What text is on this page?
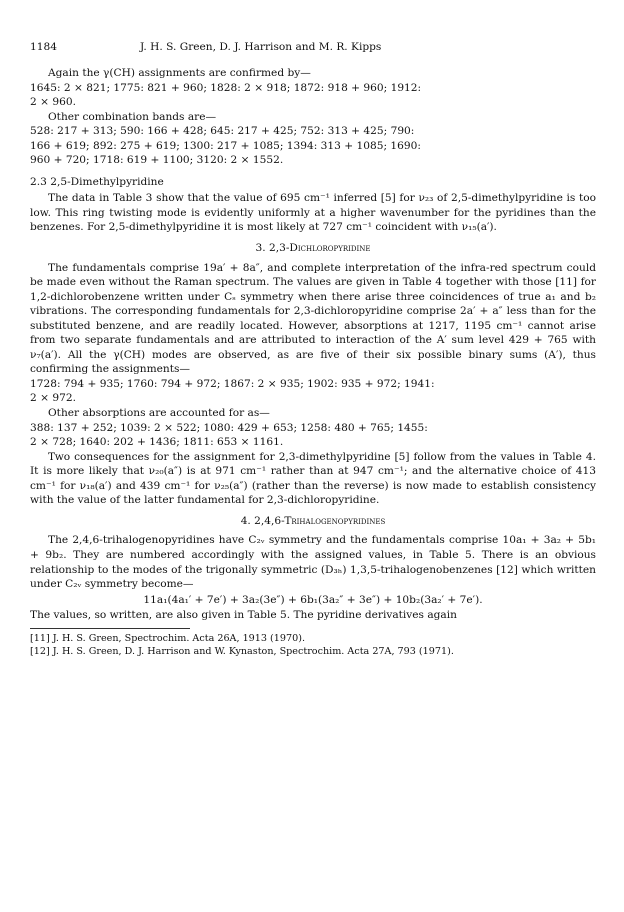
1184	J. H. S. Green, D. J. Harrison and M. R. Kipps

Again the γ(CH) assignments are confirmed by—

1645: 2 × 821; 1775: 821 + 960; 1828: 2 × 918; 1872: 918 + 960; 1912:
2 × 960.

Other combination bands are—

528: 217 + 313; 590: 166 + 428; 645: 217 + 425; 752: 313 + 425; 790:
166 + 619; 892: 275 + 619; 1300: 217 + 1085; 1394: 313 + 1085; 1690:
960 + 720; 1718: 619 + 1100; 3120: 2 × 1552.
2.3 2,5-Dimethylpyridine

The data in Table 3 show that the value of 695 cm⁻¹ inferred [5] for ν₂₃ of 2,5-dimethylpyridine is too low. This ring twisting mode is evidently uniformly at a higher wavenumber for the pyridines than the benzenes. For 2,5-dimethylpyridine it is most likely at 727 cm⁻¹ coincident with ν₁₅(a′).

3. 2,3-Dichloropyridine

The fundamentals comprise 19a′ + 8a″, and complete interpretation of the infra-red spectrum could be made even without the Raman spectrum. The values are given in Table 4 together with those [11] for 1,2-dichlorobenzene written under Cₛ symmetry when there arise three coincidences of true a₁ and b₂ vibrations. The corresponding fundamentals for 2,3-dichloropyridine comprise 2a′ + a″ less than for the substituted benzene, and are readily located. However, absorptions at 1217, 1195 cm⁻¹ cannot arise from two separate fundamentals and are attributed to interaction of the A′ sum level 429 + 765 with ν₇(a′). All the γ(CH) modes are observed, as are five of their six possible binary sums (A′), thus confirming the assignments—

1728: 794 + 935; 1760: 794 + 972; 1867: 2 × 935; 1902: 935 + 972; 1941:
2 × 972.

Other absorptions are accounted for as—

388: 137 + 252; 1039: 2 × 522; 1080: 429 + 653; 1258: 480 + 765; 1455:
2 × 728; 1640: 202 + 1436; 1811: 653 × 1161.

Two consequences for the assignment for 2,3-dimethylpyridine [5] follow from the values in Table 4. It is more likely that ν₂₀(a″) is at 971 cm⁻¹ rather than at 947 cm⁻¹; and the alternative choice of 413 cm⁻¹ for ν₁₈(a′) and 439 cm⁻¹ for ν₂₅(a″) (rather than the reverse) is now made to establish consistency with the value of the latter fundamental for 2,3-dichloropyridine.

4. 2,4,6-Trihalogenopyridines

The 2,4,6-trihalogenopyridines have C₂ᵥ symmetry and the fundamentals comprise 10a₁ + 3a₂ + 5b₁ + 9b₂. They are numbered accordingly with the assigned values, in Table 5. There is an obvious relationship to the modes of the trigonally symmetric (D₃ₕ) 1,3,5-trihalogenobenzenes [12] which written under C₂ᵥ symmetry become—

11a₁(4a₁′ + 7e′) + 3a₂(3e″) + 6b₁(3a₂″ + 3e″) + 10b₂(3a₂′ + 7e′).

The values, so written, are also given in Table 5. The pyridine derivatives again

[11] J. H. S. Green, Spectrochim. Acta 26A, 1913 (1970).
[12] J. H. S. Green, D. J. Harrison and W. Kynaston, Spectrochim. Acta 27A, 793 (1971).
